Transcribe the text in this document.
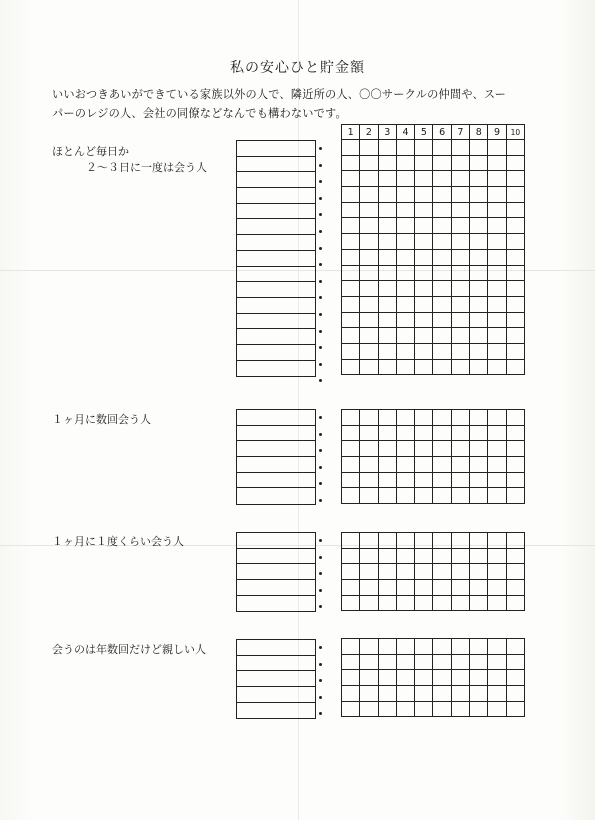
私の安心ひと貯金額
いいおつきあいができている家族以外の人で、隣近所の人、〇〇サークルの仲間や、スー
パーのレジの人、会社の同僚などなんでも構わないです。
ほとんど毎日か
２〜３日に一度は会う人
1	2	3	4	5	6	7	8	9	10

１ヶ月に数回会う人

１ヶ月に１度くらい会う人

会うのは年数回だけど親しい人
